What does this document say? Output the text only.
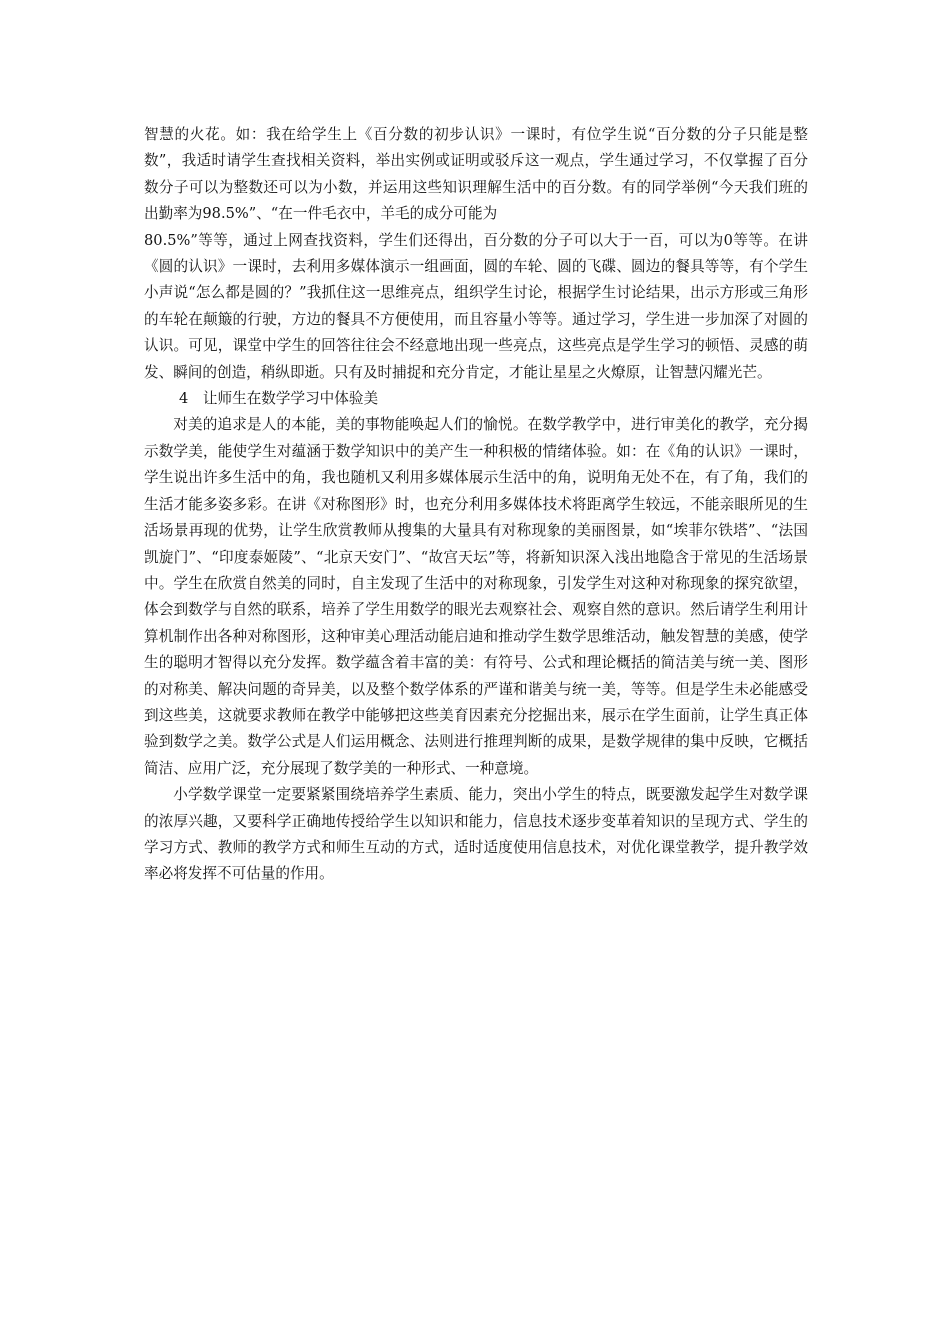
智慧的火花。如：我在给学生上《百分数的初步认识》一课时，有位学生说“百分数的分子只能是整数”，我适时请学生查找相关资料，举出实例或证明或驳斥这一观点，学生通过学习，不仅掌握了百分数分子可以为整数还可以为小数，并运用这些知识理解生活中的百分数。有的同学举例“今天我们班的出勤率为98.5%”、“在一件毛衣中，羊毛的成分可能为
80.5%”等等，通过上网查找资料，学生们还得出，百分数的分子可以大于一百，可以为0等等。在讲《圆的认识》一课时，去利用多媒体演示一组画面，圆的车轮、圆的飞碟、圆边的餐具等等，有个学生小声说“怎么都是圆的？”我抓住这一思维亮点，组织学生讨论，根据学生讨论结果，出示方形或三角形的车轮在颠簸的行驶，方边的餐具不方便使用，而且容量小等等。通过学习，学生进一步加深了对圆的认识。可见，课堂中学生的回答往往会不经意地出现一些亮点，这些亮点是学生学习的顿悟、灵感的萌发、瞬间的创造，稍纵即逝。只有及时捕捉和充分肯定，才能让星星之火燎原，让智慧闪耀光芒。

4　让师生在数学学习中体验美

对美的追求是人的本能，美的事物能唤起人们的愉悦。在数学教学中，进行审美化的教学，充分揭示数学美，能使学生对蕴涵于数学知识中的美产生一种积极的情绪体验。如：在《角的认识》一课时，学生说出许多生活中的角，我也随机又利用多媒体展示生活中的角，说明角无处不在，有了角，我们的生活才能多姿多彩。在讲《对称图形》时，也充分利用多媒体技术将距离学生较远，不能亲眼所见的生活场景再现的优势，让学生欣赏教师从搜集的大量具有对称现象的美丽图景，如“埃菲尔铁塔”、“法国凯旋门”、“印度泰姬陵”、“北京天安门”、“故宫天坛”等，将新知识深入浅出地隐含于常见的生活场景中。学生在欣赏自然美的同时，自主发现了生活中的对称现象，引发学生对这种对称现象的探究欲望，体会到数学与自然的联系，培养了学生用数学的眼光去观察社会、观察自然的意识。然后请学生利用计算机制作出各种对称图形，这种审美心理活动能启迪和推动学生数学思维活动，触发智慧的美感，使学生的聪明才智得以充分发挥。数学蕴含着丰富的美：有符号、公式和理论概括的简洁美与统一美、图形的对称美、解决问题的奇异美，以及整个数学体系的严谨和谐美与统一美，等等。但是学生未必能感受到这些美，这就要求教师在教学中能够把这些美育因素充分挖掘出来，展示在学生面前，让学生真正体验到数学之美。数学公式是人们运用概念、法则进行推理判断的成果，是数学规律的集中反映，它概括简洁、应用广泛，充分展现了数学美的一种形式、一种意境。

小学数学课堂一定要紧紧围绕培养学生素质、能力，突出小学生的特点，既要激发起学生对数学课的浓厚兴趣，又要科学正确地传授给学生以知识和能力，信息技术逐步变革着知识的呈现方式、学生的学习方式、教师的教学方式和师生互动的方式，适时适度使用信息技术，对优化课堂教学，提升教学效率必将发挥不可估量的作用。
